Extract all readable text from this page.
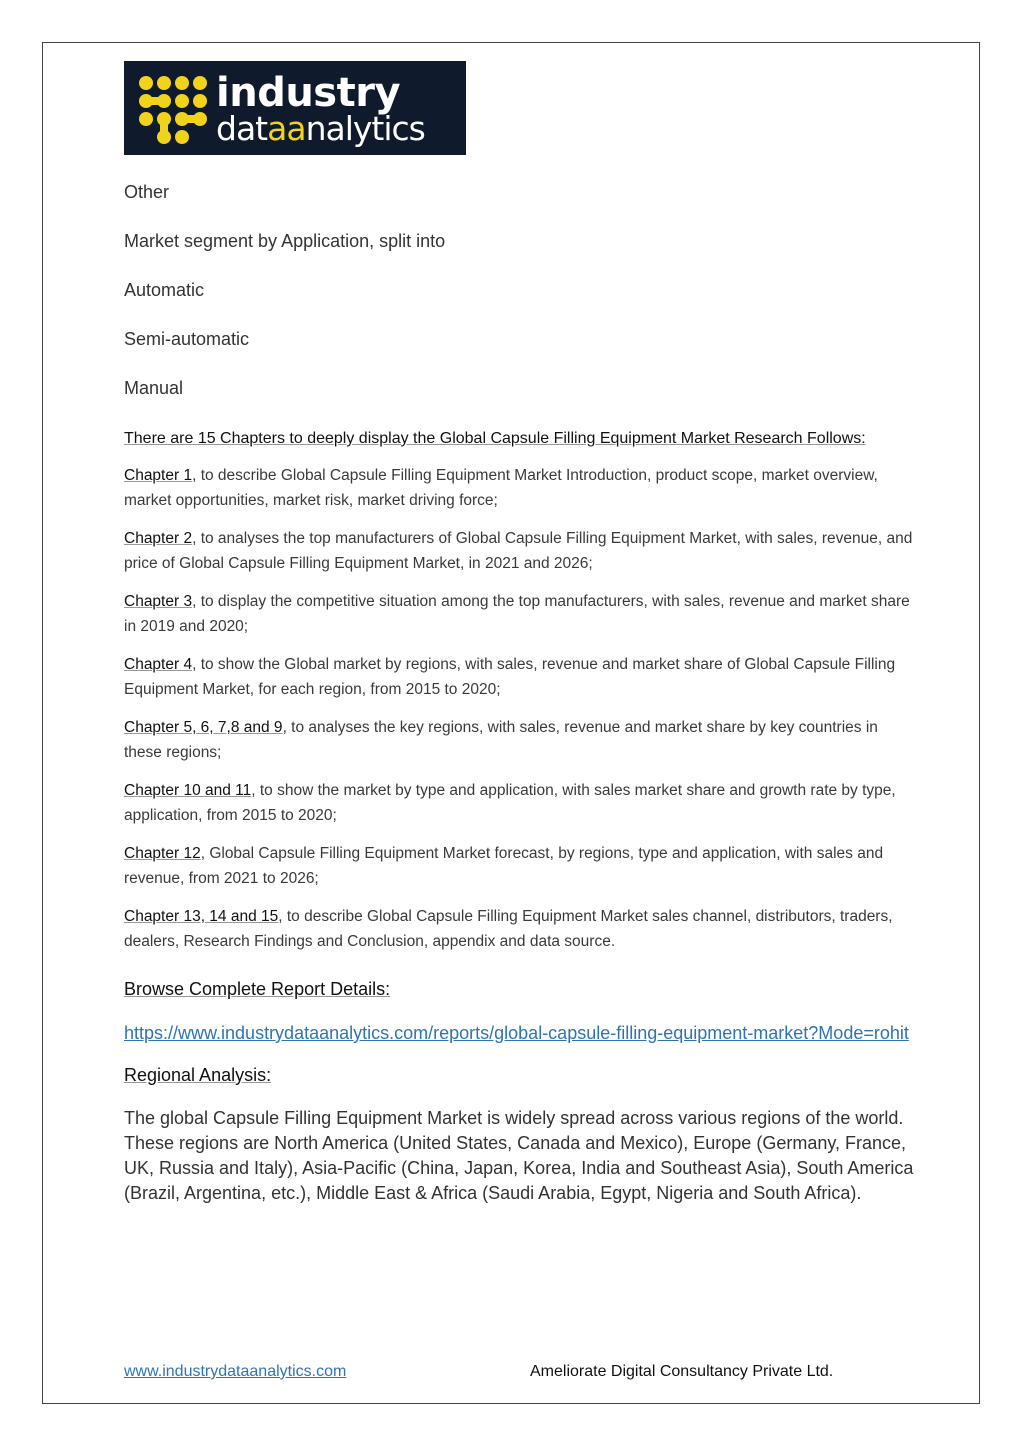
industry
dataanalytics

Other

Market segment by Application, split into

Automatic

Semi-automatic

Manual

There are 15 Chapters to deeply display the Global Capsule Filling Equipment Market Research Follows:

Chapter 1, to describe Global Capsule Filling Equipment Market Introduction, product scope, market overview, market opportunities, market risk, market driving force;

Chapter 2, to analyses the top manufacturers of Global Capsule Filling Equipment Market, with sales, revenue, and price of Global Capsule Filling Equipment Market, in 2021 and 2026;

Chapter 3, to display the competitive situation among the top manufacturers, with sales, revenue and market share in 2019 and 2020;

Chapter 4, to show the Global market by regions, with sales, revenue and market share of Global Capsule Filling Equipment Market, for each region, from 2015 to 2020;

Chapter 5, 6, 7,8 and 9, to analyses the key regions, with sales, revenue and market share by key countries in these regions;

Chapter 10 and 11, to show the market by type and application, with sales market share and growth rate by type, application, from 2015 to 2020;

Chapter 12, Global Capsule Filling Equipment Market forecast, by regions, type and application, with sales and revenue, from 2021 to 2026;

Chapter 13, 14 and 15, to describe Global Capsule Filling Equipment Market sales channel, distributors, traders, dealers, Research Findings and Conclusion, appendix and data source.

Browse Complete Report Details:

https://www.industrydataanalytics.com/reports/global-capsule-filling-equipment-market?Mode=rohit

Regional Analysis:

The global Capsule Filling Equipment Market is widely spread across various regions of the world. These regions are North America (United States, Canada and Mexico), Europe (Germany, France, UK, Russia and Italy), Asia-Pacific (China, Japan, Korea, India and Southeast Asia), South America (Brazil, Argentina, etc.), Middle East & Africa (Saudi Arabia, Egypt, Nigeria and South Africa).

www.industrydataanalytics.com	Ameliorate Digital Consultancy Private Ltd.
